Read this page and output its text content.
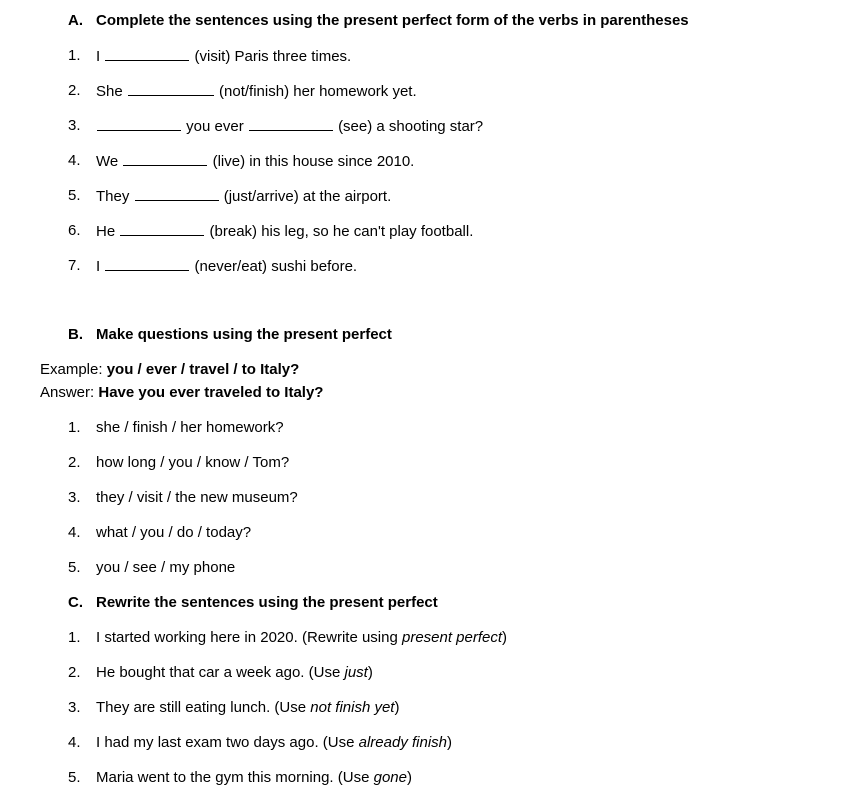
A. Complete the sentences using the present perfect form of the verbs in parentheses
1.	I	(visit) Paris three times.
2.	She	(not/finish) her homework yet.
3.	you ever	(see) a shooting star?
4.	We	(live) in this house since 2010.
5.	They	(just/arrive) at the airport.
6.	He	(break) his leg, so he can't play football.
7.	I	(never/eat) sushi before.
B. Make questions using the present perfect
Example: you / ever / travel / to Italy?
Answer: Have you ever traveled to Italy?
1.	she / finish / her homework?
2.	how long / you / know / Tom?
3.	they / visit / the new museum?
4.	what / you / do / today?
5.	you / see / my phone
C. Rewrite the sentences using the present perfect
1.	I started working here in 2020. (Rewrite using present perfect)
2.	He bought that car a week ago. (Use just)
3.	They are still eating lunch. (Use not finish yet)
4.	I had my last exam two days ago. (Use already finish)
5.	Maria went to the gym this morning. (Use gone)
